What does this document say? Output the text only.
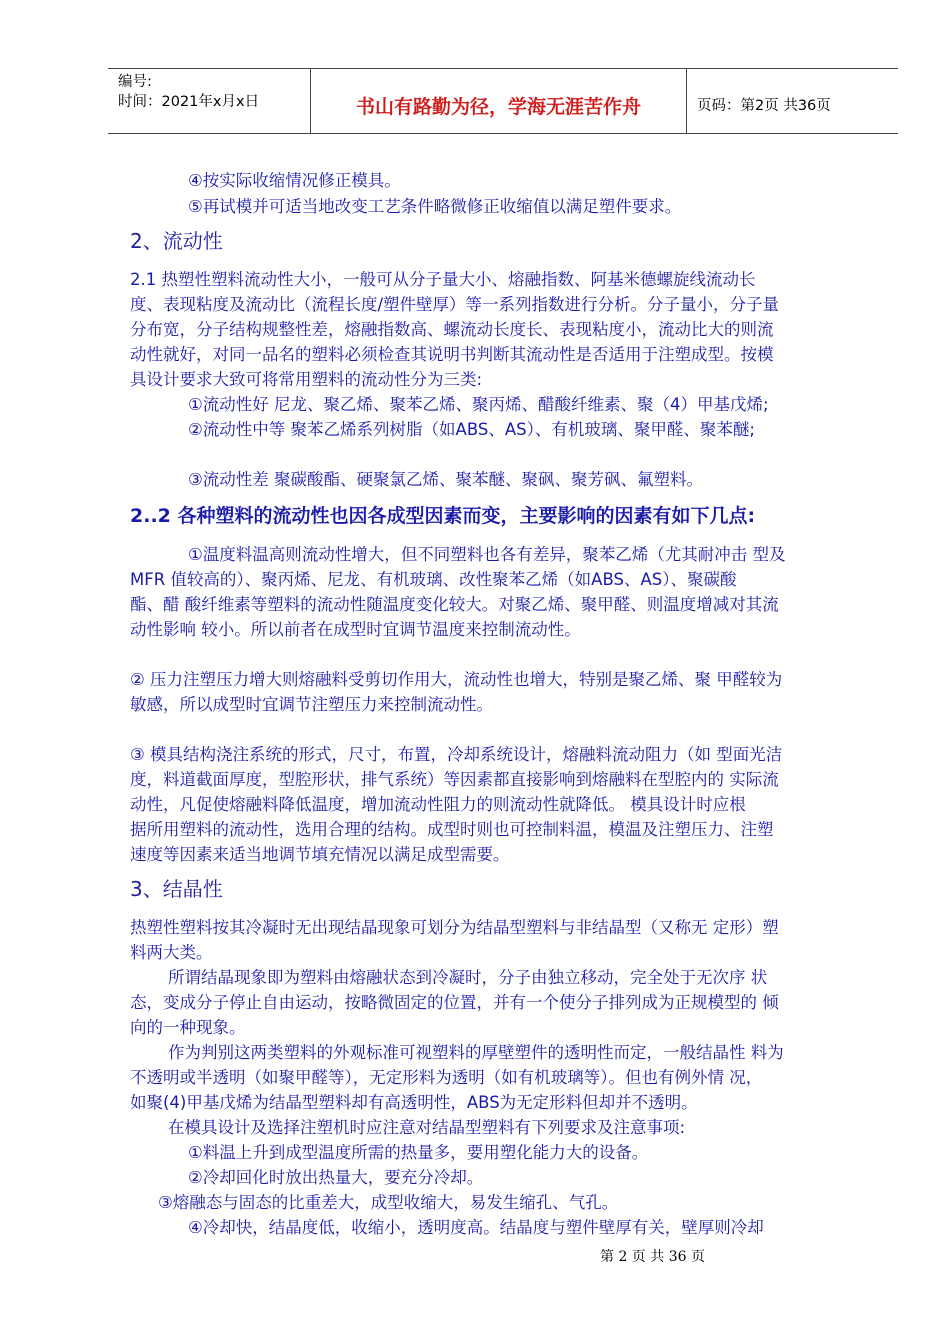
编号:
时间：2021年x月x日	书山有路勤为径，学海无涯苦作舟	页码：第2页 共36页
④按实际收缩情况修正模具。
⑤再试模并可适当地改变工艺条件略微修正收缩值以满足塑件要求。
2、流动性
2.1 热塑性塑料流动性大小，一般可从分子量大小、熔融指数、阿基米德螺旋线流动长
度、表现粘度及流动比（流程长度/塑件壁厚）等一系列指数进行分析。分子量小，分子量
分布宽，分子结构规整性差，熔融指数高、螺流动长度长、表现粘度小，流动比大的则流
动性就好，对同一品名的塑料必须检查其说明书判断其流动性是否适用于注塑成型。按模
具设计要求大致可将常用塑料的流动性分为三类:
①流动性好 尼龙、聚乙烯、聚苯乙烯、聚丙烯、醋酸纤维素、聚（4）甲基戊烯;
②流动性中等 聚苯乙烯系列树脂（如ABS、AS）、有机玻璃、聚甲醛、聚苯醚;
③流动性差 聚碳酸酯、硬聚氯乙烯、聚苯醚、聚砜、聚芳砜、氟塑料。
2..2 各种塑料的流动性也因各成型因素而变，主要影响的因素有如下几点:
①温度料温高则流动性增大，但不同塑料也各有差异，聚苯乙烯（尤其耐冲击 型及
MFR 值较高的）、聚丙烯、尼龙、有机玻璃、改性聚苯乙烯（如ABS、AS）、聚碳酸
酯、醋 酸纤维素等塑料的流动性随温度变化较大。对聚乙烯、聚甲醛、则温度增减对其流
动性影响 较小。所以前者在成型时宜调节温度来控制流动性。
② 压力注塑压力增大则熔融料受剪切作用大，流动性也增大，特别是聚乙烯、聚 甲醛较为
敏感，所以成型时宜调节注塑压力来控制流动性。
③ 模具结构浇注系统的形式，尺寸，布置，冷却系统设计，熔融料流动阻力（如 型面光洁
度，料道截面厚度，型腔形状，排气系统）等因素都直接影响到熔融料在型腔内的 实际流
动性，凡促使熔融料降低温度，增加流动性阻力的则流动性就降低。 模具设计时应根
据所用塑料的流动性，选用合理的结构。成型时则也可控制料温，模温及注塑压力、注塑
速度等因素来适当地调节填充情况以满足成型需要。
3、结晶性
热塑性塑料按其冷凝时无出现结晶现象可划分为结晶型塑料与非结晶型（又称无 定形）塑
料两大类。
所谓结晶现象即为塑料由熔融状态到冷凝时，分子由独立移动，完全处于无次序 状
态，变成分子停止自由运动，按略微固定的位置，并有一个使分子排列成为正规模型的 倾
向的一种现象。
作为判别这两类塑料的外观标准可视塑料的厚壁塑件的透明性而定，一般结晶性 料为
不透明或半透明（如聚甲醛等），无定形料为透明（如有机玻璃等）。但也有例外情 况，
如聚(4)甲基戊烯为结晶型塑料却有高透明性，ABS为无定形料但却并不透明。
在模具设计及选择注塑机时应注意对结晶型塑料有下列要求及注意事项:
①料温上升到成型温度所需的热量多，要用塑化能力大的设备。
②冷却回化时放出热量大，要充分冷却。
③熔融态与固态的比重差大，成型收缩大，易发生缩孔、气孔。
④冷却快，结晶度低，收缩小，透明度高。结晶度与塑件壁厚有关，壁厚则冷却
第 2 页 共 36 页
